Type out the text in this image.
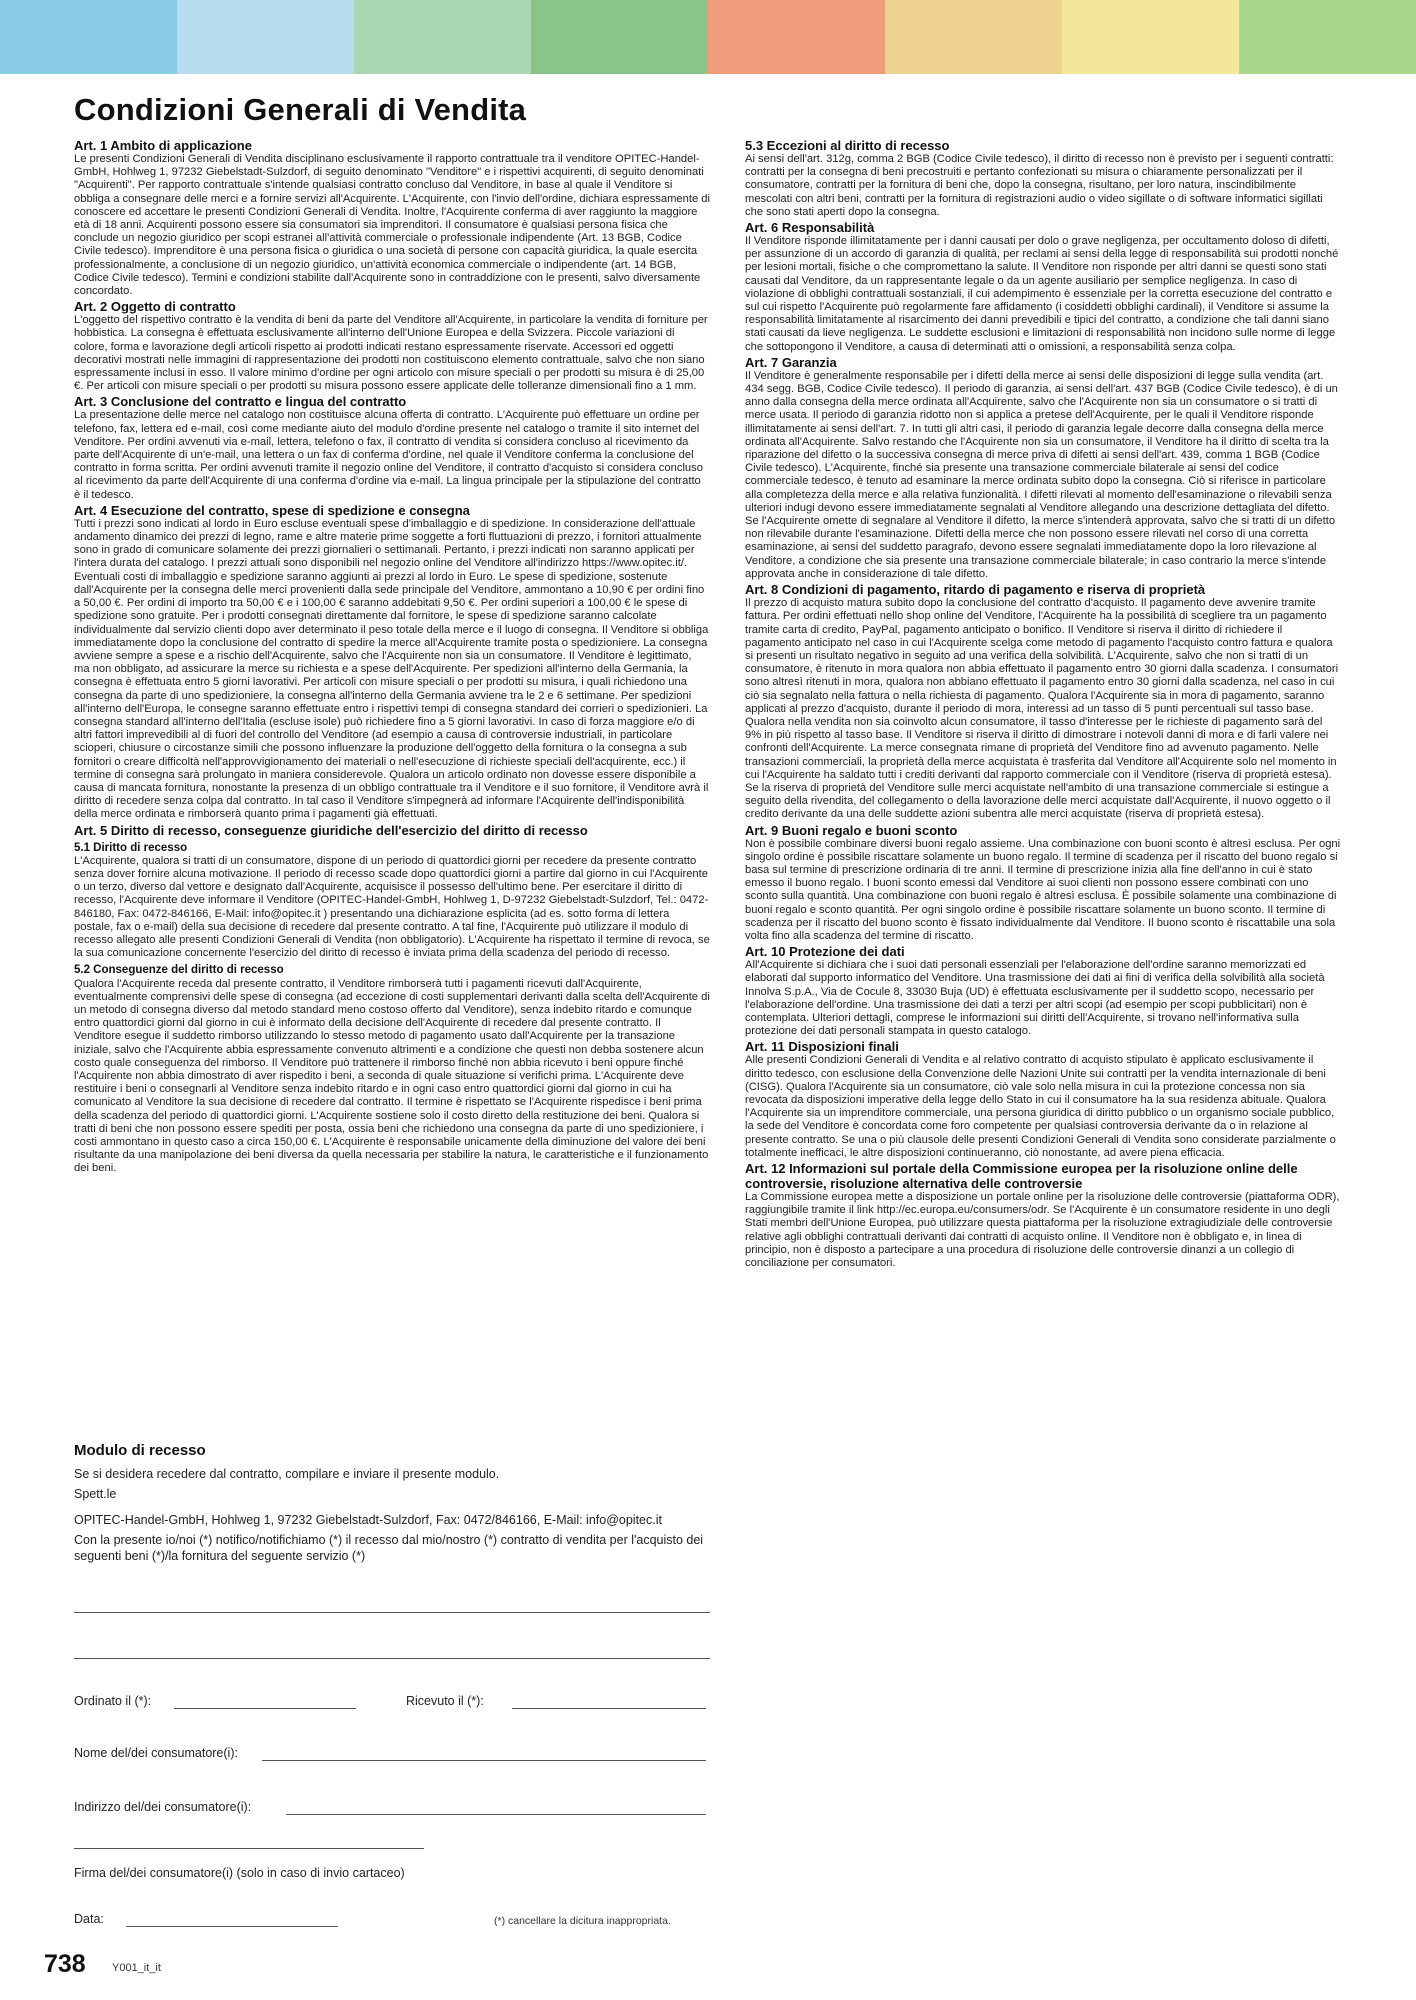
Condizioni Generali di Vendita
Art. 1 Ambito di applicazione

Le presenti Condizioni Generali di Vendita disciplinano esclusivamente il rapporto contrattuale tra il venditore OPITEC-Handel-GmbH, Hohlweg 1, 97232 Giebelstadt-Sulzdorf, di seguito denominato "Venditore" e i rispettivi acquirenti, di seguito denominati "Acquirenti". Per rapporto contrattuale s'intende qualsiasi contratto concluso dal Venditore, in base al quale il Venditore si obbliga a consegnare delle merci e a fornire servizi all'Acquirente. L'Acquirente, con l'invio dell'ordine, dichiara espressamente di conoscere ed accettare le presenti Condizioni Generali di Vendita. Inoltre, l'Acquirente conferma di aver raggiunto la maggiore età di 18 anni. Acquirenti possono essere sia consumatori sia imprenditori. Il consumatore è qualsiasi persona fisica che conclude un negozio giuridico per scopi estranei all'attività commerciale o professionale indipendente (Art. 13 BGB, Codice Civile tedesco). Imprenditore è una persona fisica o giuridica o una società di persone con capacità giuridica, la quale esercita professionalmente, a conclusione di un negozio giuridico, un'attività economica commerciale o indipendente (art. 14 BGB, Codice Civile tedesco). Termini e condizioni stabilite dall'Acquirente sono in contraddizione con le presenti, salvo diversamente concordato.

Art. 2 Oggetto di contratto

L'oggetto del rispettivo contratto è la vendita di beni da parte del Venditore all'Acquirente, in particolare la vendita di forniture per hobbistica. La consegna è effettuata esclusivamente all'interno dell'Unione Europea e della Svizzera. Piccole variazioni di colore, forma e lavorazione degli articoli rispetto ai prodotti indicati restano espressamente riservate. Accessori ed oggetti decorativi mostrati nelle immagini di rappresentazione dei prodotti non costituiscono elemento contrattuale, salvo che non siano espressamente inclusi in esso. Il valore minimo d'ordine per ogni articolo con misure speciali o per prodotti su misura è di 25,00 €. Per articoli con misure speciali o per prodotti su misura possono essere applicate delle tolleranze dimensionali fino a 1 mm.

Art. 3 Conclusione del contratto e lingua del contratto

La presentazione delle merce nel catalogo non costituisce alcuna offerta di contratto. L'Acquirente può effettuare un ordine per telefono, fax, lettera ed e-mail, così come mediante aiuto del modulo d'ordine presente nel catalogo o tramite il sito internet del Venditore. Per ordini avvenuti via e-mail, lettera, telefono o fax, il contratto di vendita si considera concluso al ricevimento da parte dell'Acquirente di un'e-mail, una lettera o un fax di conferma d'ordine, nel quale il Venditore conferma la conclusione del contratto in forma scritta. Per ordini avvenuti tramite il negozio online del Venditore, il contratto d'acquisto si considera concluso al ricevimento da parte dell'Acquirente di una conferma d'ordine via e-mail. La lingua principale per la stipulazione del contratto è il tedesco.

Art. 4 Esecuzione del contratto, spese di spedizione e consegna

Tutti i prezzi sono indicati al lordo in Euro escluse eventuali spese d'imballaggio e di spedizione. In considerazione dell'attuale andamento dinamico dei prezzi di legno, rame e altre materie prime soggette a forti fluttuazioni di prezzo, i fornitori attualmente sono in grado di comunicare solamente dei prezzi giornalieri o settimanali. Pertanto, i prezzi indicati non saranno applicati per l'intera durata del catalogo. I prezzi attuali sono disponibili nel negozio online del Venditore all'indirizzo https://www.opitec.it/. Eventuali costi di imballaggio e spedizione saranno aggiunti ai prezzi al lordo in Euro. Le spese di spedizione, sostenute dall'Acquirente per la consegna delle merci provenienti dalla sede principale del Venditore, ammontano a 10,90 € per ordini fino a 50,00 €. Per ordini di importo tra 50,00 € e i 100,00 € saranno addebitati 9,50 €. Per ordini superiori a 100,00 € le spese di spedizione sono gratuite. Per i prodotti consegnati direttamente dal fornitore, le spese di spedizione saranno calcolate individualmente dal servizio clienti dopo aver determinato il peso totale della merce e il luogo di consegna. Il Venditore si obbliga immediatamente dopo la conclusione del contratto di spedire la merce all'Acquirente tramite posta o spedizioniere. La consegna avviene sempre a spese e a rischio dell'Acquirente, salvo che l'Acquirente non sia un consumatore. Il Venditore è legittimato, ma non obbligato, ad assicurare la merce su richiesta e a spese dell'Acquirente. Per spedizioni all'interno della Germania, la consegna è effettuata entro 5 giorni lavorativi. Per articoli con misure speciali o per prodotti su misura, i quali richiedono una consegna da parte di uno spedizioniere, la consegna all'interno della Germania avviene tra le 2 e 6 settimane. Per spedizioni all'interno dell'Europa, le consegne saranno effettuate entro i rispettivi tempi di consegna standard dei corrieri o spedizionieri. La consegna standard all'interno dell'Italia (escluse isole) può richiedere fino a 5 giorni lavorativi. In caso di forza maggiore e/o di altri fattori imprevedibili al di fuori del controllo del Venditore (ad esempio a causa di controversie industriali, in particolare scioperi, chiusure o circostanze simili che possono influenzare la produzione dell'oggetto della fornitura o la consegna a sub fornitori o creare difficoltà nell'approvvigionamento dei materiali o nell'esecuzione di richieste speciali dell'acquirente, ecc.) il termine di consegna sarà prolungato in maniera considerevole. Qualora un articolo ordinato non dovesse essere disponibile a causa di mancata fornitura, nonostante la presenza di un obbligo contrattuale tra il Venditore e il suo fornitore, il Venditore avrà il diritto di recedere senza colpa dal contratto. In tal caso il Venditore s'impegnerà ad informare l'Acquirente dell'indisponibilità della merce ordinata e rimborserà quanto prima i pagamenti già effettuati.

Art. 5 Diritto di recesso, conseguenze giuridiche dell'esercizio del diritto di recesso
5.1 Diritto di recesso

L'Acquirente, qualora si tratti di un consumatore, dispone di un periodo di quattordici giorni per recedere da presente contratto senza dover fornire alcuna motivazione. Il periodo di recesso scade dopo quattordici giorni a partire dal giorno in cui l'Acquirente o un terzo, diverso dal vettore e designato dall'Acquirente, acquisisce il possesso dell'ultimo bene. Per esercitare il diritto di recesso, l'Acquirente deve informare il Venditore (OPITEC-Handel-GmbH, Hohlweg 1, D-97232 Giebelstadt-Sulzdorf, Tel.: 0472-846180, Fax: 0472-846166, E-Mail: info@opitec.it ) presentando una dichiarazione esplicita (ad es. sotto forma di lettera postale, fax o e-mail) della sua decisione di recedere dal presente contratto. A tal fine, l'Acquirente può utilizzare il modulo di recesso allegato alle presenti Condizioni Generali di Vendita (non obbligatorio). L'Acquirente ha rispettato il termine di revoca, se la sua comunicazione concernente l'esercizio del diritto di recesso è inviata prima della scadenza del periodo di recesso.

5.2 Conseguenze del diritto di recesso

Qualora l'Acquirente receda dal presente contratto, il Venditore rimborserà tutti i pagamenti ricevuti dall'Acquirente, eventualmente comprensivi delle spese di consegna (ad eccezione di costi supplementari derivanti dalla scelta dell'Acquirente di un metodo di consegna diverso dal metodo standard meno costoso offerto dal Venditore), senza indebito ritardo e comunque entro quattordici giorni dal giorno in cui è informato della decisione dell'Acquirente di recedere dal presente contratto. Il Venditore esegue il suddetto rimborso utilizzando lo stesso metodo di pagamento usato dall'Acquirente per la transazione iniziale, salvo che l'Acquirente abbia espressamente convenuto altrimenti e a condizione che questi non debba sostenere alcun costo quale conseguenza del rimborso. Il Venditore può trattenere il rimborso finché non abbia ricevuto i beni oppure finché l'Acquirente non abbia dimostrato di aver rispedito i beni, a seconda di quale situazione si verifichi prima. L'Acquirente deve restituire i beni o consegnarli al Venditore senza indebito ritardo e in ogni caso entro quattordici giorni dal giorno in cui ha comunicato al Venditore la sua decisione di recedere dal contratto. Il termine è rispettato se l'Acquirente rispedisce i beni prima della scadenza del periodo di quattordici giorni. L'Acquirente sostiene solo il costo diretto della restituzione dei beni. Qualora si tratti di beni che non possono essere spediti per posta, ossia beni che richiedono una consegna da parte di uno spedizioniere, i costi ammontano in questo caso a circa 150,00 €. L'Acquirente è responsabile unicamente della diminuzione del valore dei beni risultante da una manipolazione dei beni diversa da quella necessaria per stabilire la natura, le caratteristiche e il funzionamento dei beni.

5.3 Eccezioni al diritto di recesso

Ai sensi dell'art. 312g, comma 2 BGB (Codice Civile tedesco), il diritto di recesso non è previsto per i seguenti contratti: contratti per la consegna di beni precostruiti e pertanto confezionati su misura o chiaramente personalizzati per il consumatore, contratti per la fornitura di beni che, dopo la consegna, risultano, per loro natura, inscindibilmente mescolati con altri beni, contratti per la fornitura di registrazioni audio o video sigillate o di software informatici sigillati che sono stati aperti dopo la consegna.

Art. 6 Responsabilità

Il Venditore risponde illimitatamente per i danni causati per dolo o grave negligenza, per occultamento doloso di difetti, per assunzione di un accordo di garanzia di qualità, per reclami ai sensi della legge di responsabilità sui prodotti nonché per lesioni mortali, fisiche o che compromettano la salute. Il Venditore non risponde per altri danni se questi sono stati causati dal Venditore, da un rappresentante legale o da un agente ausiliario per semplice negligenza. In caso di violazione di obblighi contrattuali sostanziali, il cui adempimento è essenziale per la corretta esecuzione del contratto e sul cui rispetto l'Acquirente può regolarmente fare affidamento (i cosiddetti obblighi cardinali), il Venditore si assume la responsabilità limitatamente al risarcimento dei danni prevedibili e tipici del contratto, a condizione che tali danni siano stati causati da lieve negligenza. Le suddette esclusioni e limitazioni di responsabilità non incidono sulle norme di legge che sottopongono il Venditore, a causa di determinati atti o omissioni, a responsabilità senza colpa.

Art. 7 Garanzia

Il Venditore è generalmente responsabile per i difetti della merce ai sensi delle disposizioni di legge sulla vendita (art. 434 segg. BGB, Codice Civile tedesco). Il periodo di garanzia, ai sensi dell'art. 437 BGB (Codice Civile tedesco), è di un anno dalla consegna della merce ordinata all'Acquirente, salvo che l'Acquirente non sia un consumatore o si tratti di merce usata. Il periodo di garanzia ridotto non si applica a pretese dell'Acquirente, per le quali il Venditore risponde illimitatamente ai sensi dell'art. 7. In tutti gli altri casi, il periodo di garanzia legale decorre dalla consegna della merce ordinata all'Acquirente. Salvo restando che l'Acquirente non sia un consumatore, il Venditore ha il diritto di scelta tra la riparazione del difetto o la successiva consegna di merce priva di difetti ai sensi dell'art. 439, comma 1 BGB (Codice Civile tedesco). L'Acquirente, finché sia presente una transazione commerciale bilaterale ai sensi del codice commerciale tedesco, è tenuto ad esaminare la merce ordinata subito dopo la consegna. Ciò si riferisce in particolare alla completezza della merce e alla relativa funzionalità. I difetti rilevati al momento dell'esaminazione o rilevabili senza ulteriori indugi devono essere immediatamente segnalati al Venditore allegando una descrizione dettagliata del difetto. Se l'Acquirente omette di segnalare al Venditore il difetto, la merce s'intenderà approvata, salvo che si tratti di un difetto non rilevabile durante l'esaminazione. Difetti della merce che non possono essere rilevati nel corso di una corretta esaminazione, ai sensi del suddetto paragrafo, devono essere segnalati immediatamente dopo la loro rilevazione al Venditore, a condizione che sia presente una transazione commerciale bilaterale; in caso contrario la merce s'intende approvata anche in considerazione di tale difetto.

Art. 8 Condizioni di pagamento, ritardo di pagamento e riserva di proprietà

Il prezzo di acquisto matura subito dopo la conclusione del contratto d'acquisto. Il pagamento deve avvenire tramite fattura. Per ordini effettuati nello shop online del Venditore, l'Acquirente ha la possibilità di scegliere tra un pagamento tramite carta di credito, PayPal, pagamento anticipato o bonifico. Il Venditore si riserva il diritto di richiedere il pagamento anticipato nel caso in cui l'Acquirente scelga come metodo di pagamento l'acquisto contro fattura e qualora si presenti un risultato negativo in seguito ad una verifica della solvibilità. L'Acquirente, salvo che non si tratti di un consumatore, è ritenuto in mora qualora non abbia effettuato il pagamento entro 30 giorni dalla scadenza. I consumatori sono altresì ritenuti in mora, qualora non abbiano effettuato il pagamento entro 30 giorni dalla scadenza, nel caso in cui ciò sia segnalato nella fattura o nella richiesta di pagamento. Qualora l'Acquirente sia in mora di pagamento, saranno applicati al prezzo d'acquisto, durante il periodo di mora, interessi ad un tasso di 5 punti percentuali sul tasso base. Qualora nella vendita non sia coinvolto alcun consumatore, il tasso d'interesse per le richieste di pagamento sarà del 9% in più rispetto al tasso base. Il Venditore si riserva il diritto di dimostrare i notevoli danni di mora e di farli valere nei confronti dell'Acquirente. La merce consegnata rimane di proprietà del Venditore fino ad avvenuto pagamento. Nelle transazioni commerciali, la proprietà della merce acquistata è trasferita dal Venditore all'Acquirente solo nel momento in cui l'Acquirente ha saldato tutti i crediti derivanti dal rapporto commerciale con il Venditore (riserva di proprietà estesa). Se la riserva di proprietà del Venditore sulle merci acquistate nell'ambito di una transazione commerciale si estingue a seguito della rivendita, del collegamento o della lavorazione delle merci acquistate dall'Acquirente, il nuovo oggetto o il credito derivante da una delle suddette azioni subentra alle merci acquistate (riserva di proprietà estesa).

Art. 9 Buoni regalo e buoni sconto

Non è possibile combinare diversi buoni regalo assieme. Una combinazione con buoni sconto è altresì esclusa. Per ogni singolo ordine è possibile riscattare solamente un buono regalo. Il termine di scadenza per il riscatto del buono regalo si basa sul termine di prescrizione ordinaria di tre anni. Il termine di prescrizione inizia alla fine dell'anno in cui è stato emesso il buono regalo. I buoni sconto emessi dal Venditore ai suoi clienti non possono essere combinati con uno sconto sulla quantità. Una combinazione con buoni regalo è altresì esclusa. È possibile solamente una combinazione di buoni regalo e sconto quantità. Per ogni singolo ordine è possibile riscattare solamente un buono sconto. Il termine di scadenza per il riscatto del buono sconto è fissato individualmente dal Venditore. Il buono sconto è riscattabile una sola volta fino alla scadenza del termine di riscatto.

Art. 10 Protezione dei dati

All'Acquirente si dichiara che i suoi dati personali essenziali per l'elaborazione dell'ordine saranno memorizzati ed elaborati dal supporto informatico del Venditore. Una trasmissione dei dati ai fini di verifica della solvibilità alla società Innolva S.p.A., Via de Cocule 8, 33030 Buja (UD) è effettuata esclusivamente per il suddetto scopo, necessario per l'elaborazione dell'ordine. Una trasmissione dei dati a terzi per altri scopi (ad esempio per scopi pubblicitari) non è contemplata. Ulteriori dettagli, comprese le informazioni sui diritti dell'Acquirente, si trovano nell'informativa sulla protezione dei dati personali stampata in questo catalogo.

Art. 11 Disposizioni finali

Alle presenti Condizioni Generali di Vendita e al relativo contratto di acquisto stipulato è applicato esclusivamente il diritto tedesco, con esclusione della Convenzione delle Nazioni Unite sui contratti per la vendita internazionale di beni (CISG). Qualora l'Acquirente sia un consumatore, ciò vale solo nella misura in cui la protezione concessa non sia revocata da disposizioni imperative della legge dello Stato in cui il consumatore ha la sua residenza abituale. Qualora l'Acquirente sia un imprenditore commerciale, una persona giuridica di diritto pubblico o un organismo sociale pubblico, la sede del Venditore è concordata come foro competente per qualsiasi controversia derivante da o in relazione al presente contratto. Se una o più clausole delle presenti Condizioni Generali di Vendita sono considerate parzialmente o totalmente inefficaci, le altre disposizioni continueranno, ciò nonostante, ad avere piena efficacia.

Art. 12 Informazioni sul portale della Commissione europea per la risoluzione online delle controversie, risoluzione alternativa delle controversie

La Commissione europea mette a disposizione un portale online per la risoluzione delle controversie (piattaforma ODR), raggiungibile tramite il link http://ec.europa.eu/consumers/odr. Se l'Acquirente è un consumatore residente in uno degli Stati membri dell'Unione Europea, può utilizzare questa piattaforma per la risoluzione extragiudiziale delle controversie relative agli obblighi contrattuali derivanti dai contratti di acquisto online. Il Venditore non è obbligato e, in linea di principio, non è disposto a partecipare a una procedura di risoluzione delle controversie dinanzi a un collegio di conciliazione per consumatori.

Modulo di recesso
Se si desidera recedere dal contratto, compilare e inviare il presente modulo.
Spett.le
OPITEC-Handel-GmbH, Hohlweg 1, 97232 Giebelstadt-Sulzdorf, Fax: 0472/846166, E-Mail: info@opitec.it
Con la presente io/noi (*) notifico/notifichiamo (*) il recesso dal mio/nostro (*) contratto di vendita per l'acquisto dei seguenti beni (*)/la fornitura del seguente servizio (*)
Ordinato il (*):	Ricevuto il (*):
Nome del/dei consumatore(i):
Indirizzo del/dei consumatore(i):
Firma del/dei consumatore(i) (solo in caso di invio cartaceo)
Data:	(*) cancellare la dicitura inappropriata.
738 Y001_it_it
